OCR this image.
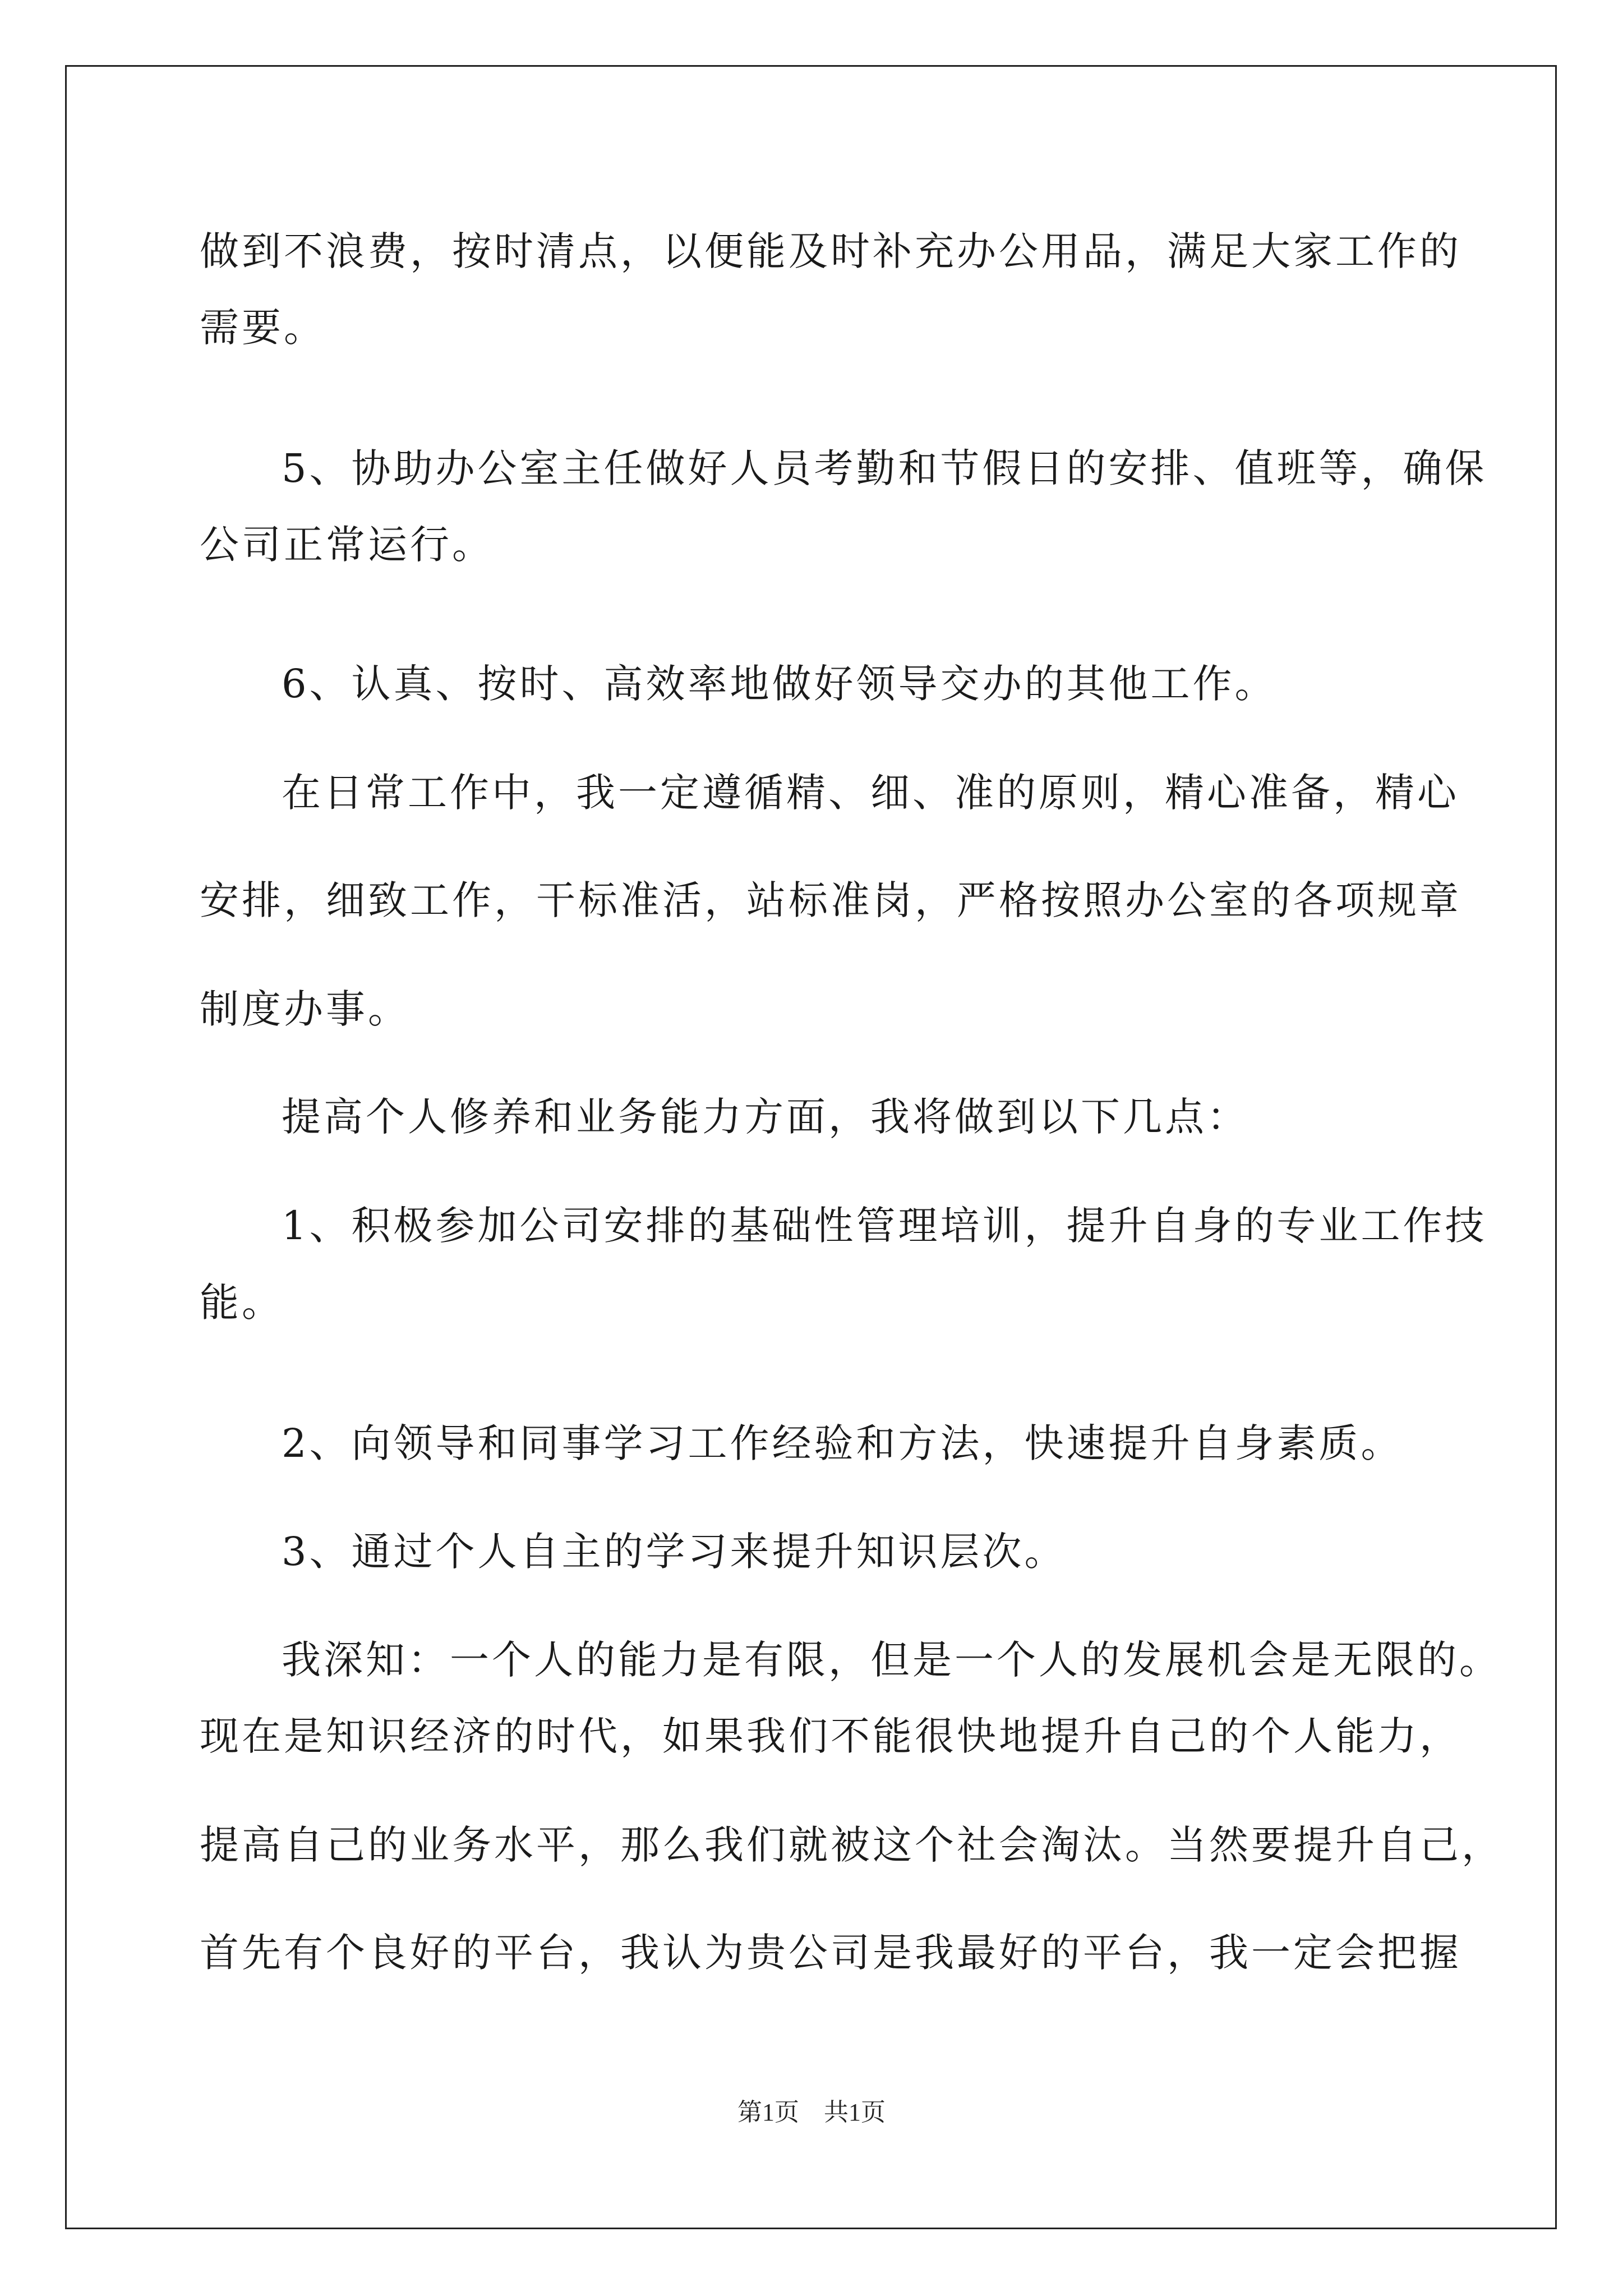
做到不浪费，按时清点，以便能及时补充办公用品，满足大家工作的
需要。
5、协助办公室主任做好人员考勤和节假日的安排、值班等，确保
公司正常运行。
6、认真、按时、高效率地做好领导交办的其他工作。
在日常工作中，我一定遵循精、细、准的原则，精心准备，精心
安排，细致工作，干标准活，站标准岗，严格按照办公室的各项规章
制度办事。
提高个人修养和业务能力方面，我将做到以下几点：
1、积极参加公司安排的基础性管理培训，提升自身的专业工作技
能。
2、向领导和同事学习工作经验和方法，快速提升自身素质。
3、通过个人自主的学习来提升知识层次。
我深知：一个人的能力是有限，但是一个人的发展机会是无限的。
现在是知识经济的时代，如果我们不能很快地提升自己的个人能力，
提高自己的业务水平，那么我们就被这个社会淘汰。当然要提升自己，
首先有个良好的平台，我认为贵公司是我最好的平台，我一定会把握
第1页 共1页
